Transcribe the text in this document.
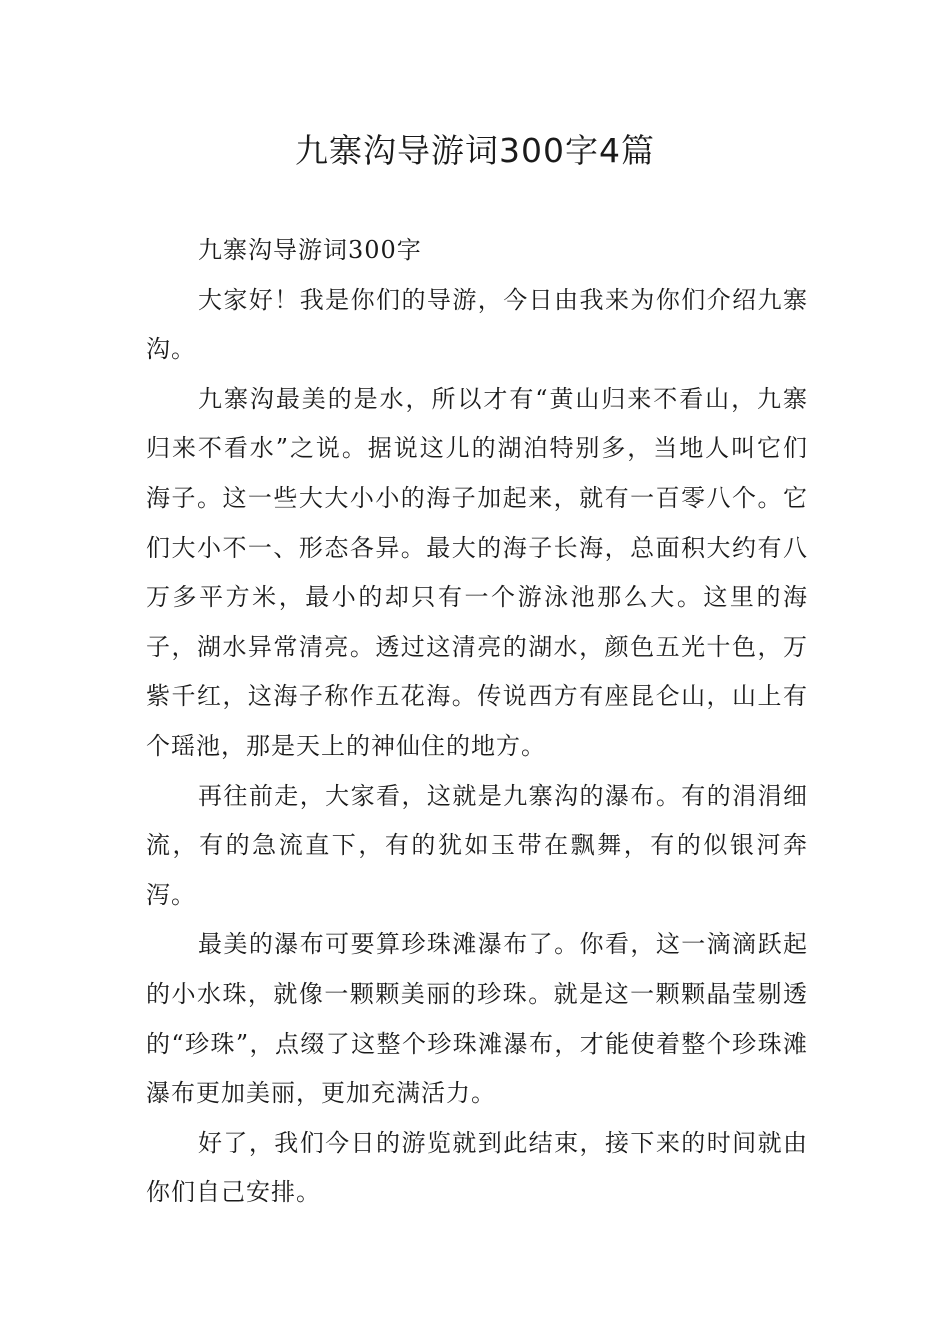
九寨沟导游词300字4篇

九寨沟导游词300字

大家好！我是你们的导游，今日由我来为你们介绍九寨沟。

九寨沟最美的是水，所以才有“黄山归来不看山，九寨归来不看水”之说。据说这儿的湖泊特别多，当地人叫它们海子。这一些大大小小的海子加起来，就有一百零八个。它们大小不一、形态各异。最大的海子长海，总面积大约有八万多平方米，最小的却只有一个游泳池那么大。这里的海子，湖水异常清亮。透过这清亮的湖水，颜色五光十色，万紫千红，这海子称作五花海。传说西方有座昆仑山，山上有个瑶池，那是天上的神仙住的地方。

再往前走，大家看，这就是九寨沟的瀑布。有的涓涓细流，有的急流直下，有的犹如玉带在飘舞，有的似银河奔泻。

最美的瀑布可要算珍珠滩瀑布了。你看，这一滴滴跃起的小水珠，就像一颗颗美丽的珍珠。就是这一颗颗晶莹剔透的“珍珠”，点缀了这整个珍珠滩瀑布，才能使着整个珍珠滩瀑布更加美丽，更加充满活力。

好了，我们今日的游览就到此结束，接下来的时间就由你们自己安排。
